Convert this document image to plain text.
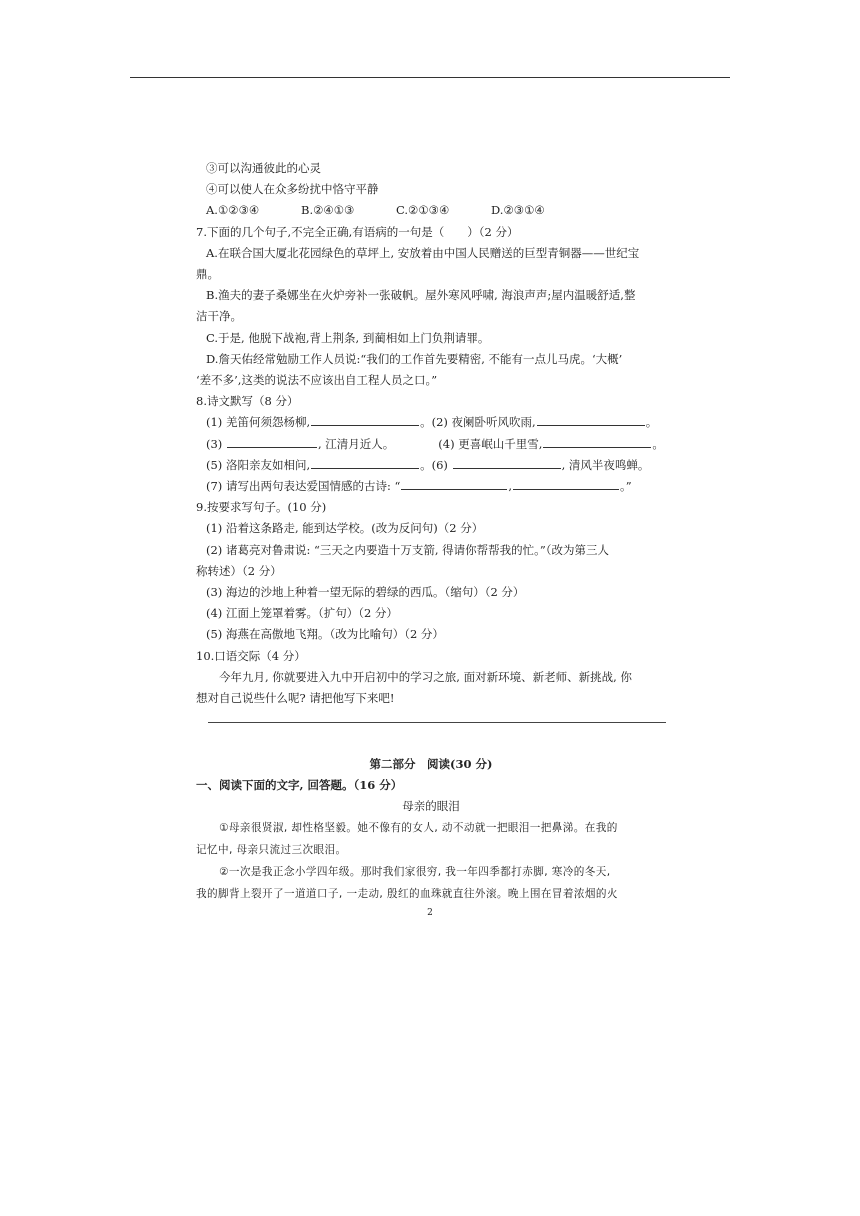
③可以沟通彼此的心灵
④可以使人在众多纷扰中恪守平静
A.①②③④	B.②④①③	C.②①③④	D.②③①④
7.下面的几个句子,不完全正确,有语病的一句是（　　）（2 分）
A.在联合国大厦北花园绿色的草坪上, 安放着由中国人民赠送的巨型青铜器——世纪宝
鼎。
B.渔夫的妻子桑娜坐在火炉旁补一张破帆。屋外寒风呼啸, 海浪声声;屋内温暖舒适,整
洁干净。
C.于是, 他脱下战袍,背上荆条, 到蔺相如上门负荆请罪。
D.詹天佑经常勉励工作人员说:“我们的工作首先要精密, 不能有一点儿马虎。‘大概’
‘差不多’,这类的说法不应该出自工程人员之口。”
8.诗文默写（8 分）
(1) 羌笛何须怨杨柳,	。(2) 夜阑卧听风吹雨,	。
(3)	, 江清月近人。	(4) 更喜岷山千里雪,	。
(5) 洛阳亲友如相问,	。(6)	, 清风半夜鸣蝉。
(7) 请写出两句表达爱国情感的古诗: “	,	。”
9.按要求写句子。(10 分)
(1) 沿着这条路走, 能到达学校。(改为反问句)（2 分）
(2) 诸葛亮对鲁肃说: “三天之内要造十万支箭, 得请你帮帮我的忙。”（改为第三人
称转述）（2 分）
(3) 海边的沙地上种着一望无际的碧绿的西瓜。（缩句）（2 分）
(4) 江面上笼罩着雾。（扩句）（2 分）
(5) 海燕在高傲地飞翔。（改为比喻句）（2 分）
10.口语交际（4 分）
今年九月, 你就要进入九中开启初中的学习之旅, 面对新环境、新老师、新挑战, 你
想对自己说些什么呢? 请把他写下来吧!
第二部分　阅读(30 分)
一、阅读下面的文字, 回答题。（16 分）
母亲的眼泪
①母亲很贤淑, 却性格坚毅。她不像有的女人, 动不动就一把眼泪一把鼻涕。在我的
记忆中, 母亲只流过三次眼泪。
②一次是我正念小学四年级。那时我们家很穷, 我一年四季都打赤脚, 寒冷的冬天,
我的脚背上裂开了一道道口子, 一走动, 殷红的血珠就直往外滚。晚上围在冒着浓烟的火
2
